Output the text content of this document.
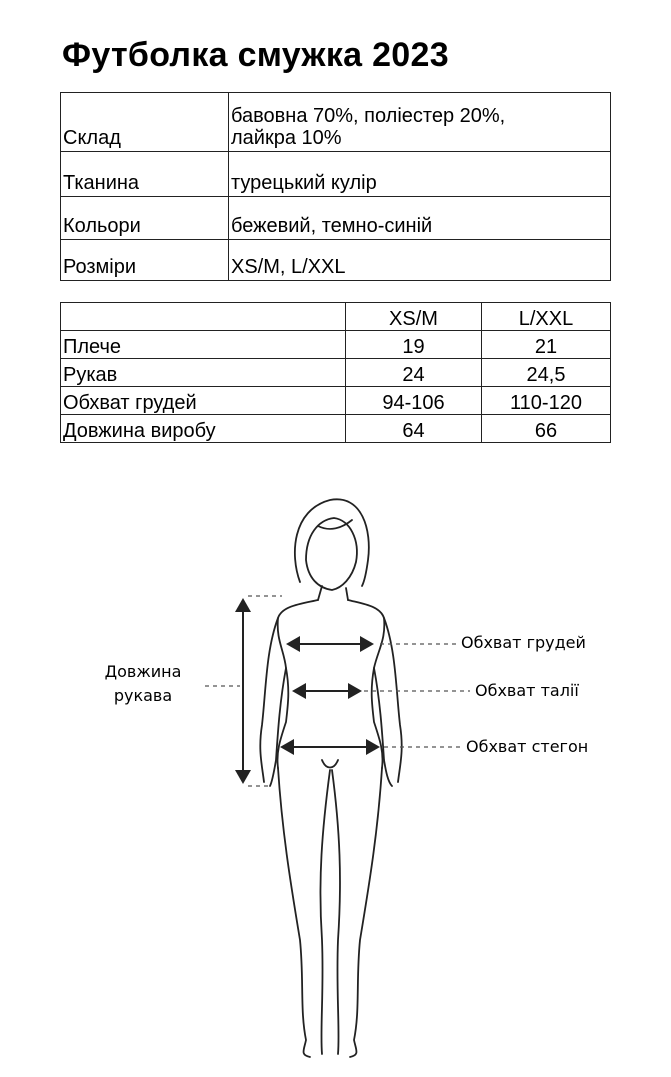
Футболка смужка 2023
Склад	бавовна 70%, поліестер 20%,
лайкра 10%
Тканина	турецький кулір
Кольори	бежевий, темно-синій
Розміри	XS/M, L/XXL
	XS/M	L/XXL
Плече	19	21
Рукав	24	24,5
Обхват грудей	94-106	110-120
Довжина виробу	64	66
Довжина
рукава
Обхват грудей
Обхват талії
Обхват стегон
